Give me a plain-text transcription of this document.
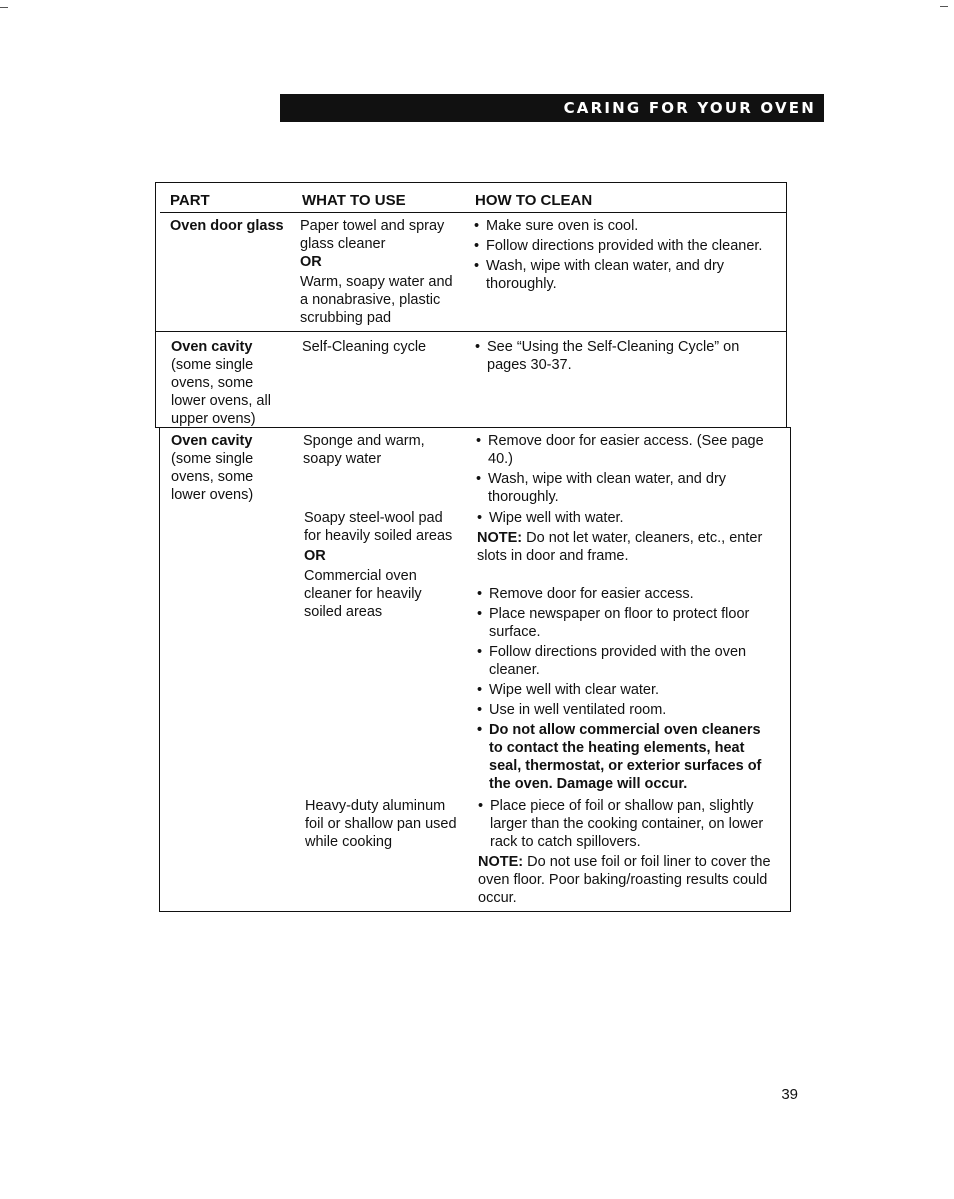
CARING FOR YOUR OVEN
PART	WHAT TO USE	HOW TO CLEAN
Oven door glass	Paper towel and spray glass cleaner

OR

Warm, soapy water and a nonabrasive, plastic scrubbing pad

• Make sure oven is cool.

• Follow directions provided with the cleaner.

• Wash, wipe with clean water, and dry thoroughly.

Oven cavity

(some single ovens, some lower ovens, all upper ovens)

Self-Cleaning cycle

•	See “Using the Self-Cleaning Cycle” on pages 30-37.

Oven cavity

(some single ovens, some lower ovens)

Sponge and warm, soapy water

• Remove door for easier access. (See page 40.)

• Wash, wipe with clean water, and dry thoroughly.

Soapy steel-wool pad for heavily soiled areas

OR

Commercial oven cleaner for heavily soiled areas

• Wipe well with water.

NOTE: Do not let water, cleaners, etc., enter slots in door and frame.

• Remove door for easier access.

• Place newspaper on floor to protect floor surface.

• Follow directions provided with the oven cleaner.

• Wipe well with clear water.

• Use in well ventilated room.

• Do not allow commercial oven cleaners to contact the heating elements, heat seal, thermostat, or exterior surfaces of the oven. Damage will occur.

Heavy-duty aluminum foil or shallow pan used while cooking

• Place piece of foil or shallow pan, slightly larger than the cooking container, on lower rack to catch spillovers.

NOTE: Do not use foil or foil liner to cover the oven floor. Poor baking/roasting results could occur.

39
